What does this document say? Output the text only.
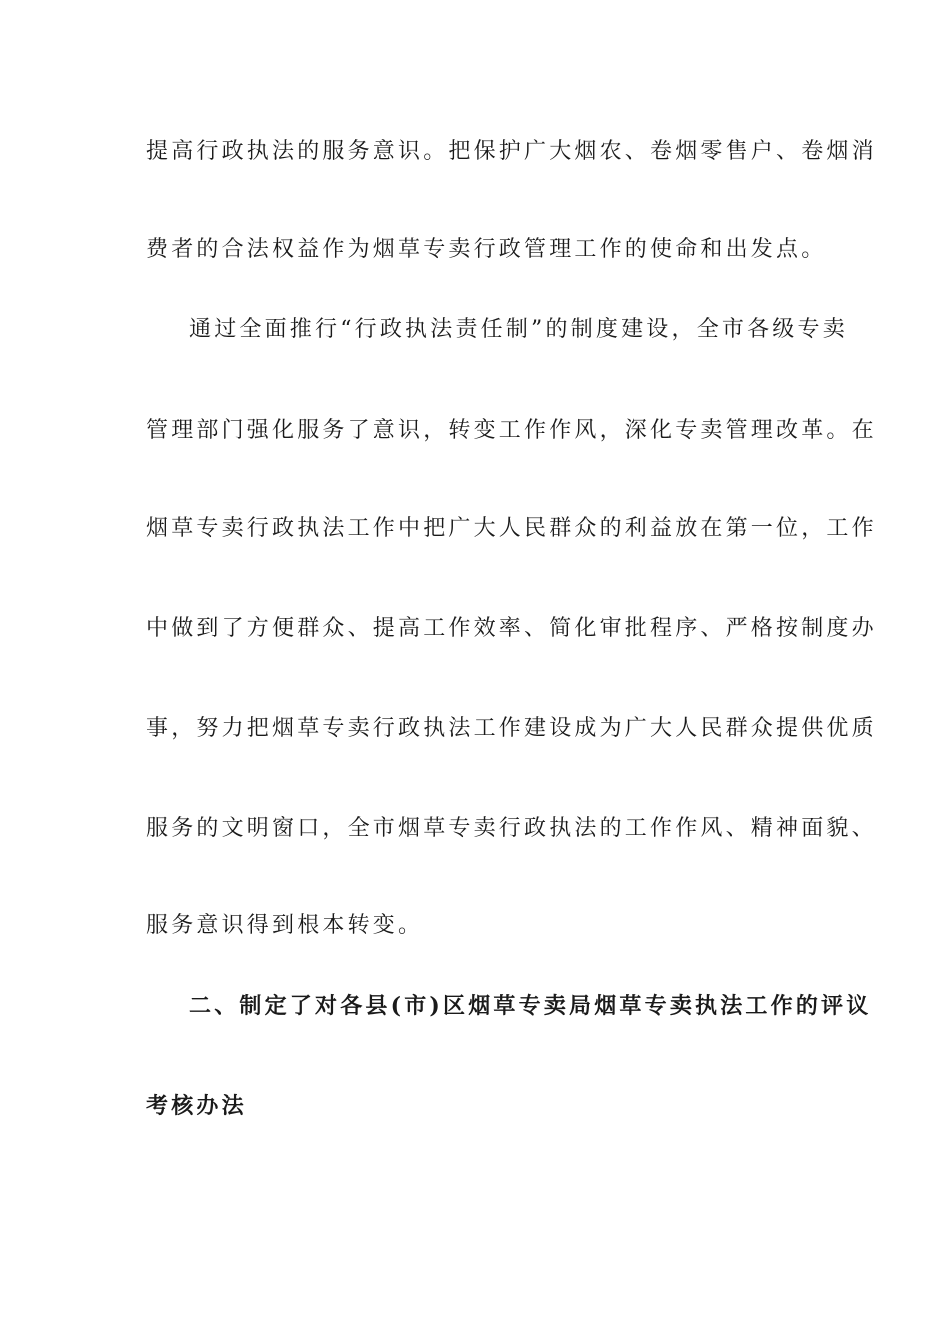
提高行政执法的服务意识。把保护广大烟农、卷烟零售户、卷烟消
费者的合法权益作为烟草专卖行政管理工作的使命和出发点。
通过全面推行“行政执法责任制”的制度建设，全市各级专卖
管理部门强化服务了意识，转变工作作风，深化专卖管理改革。在
烟草专卖行政执法工作中把广大人民群众的利益放在第一位，工作
中做到了方便群众、提高工作效率、简化审批程序、严格按制度办
事，努力把烟草专卖行政执法工作建设成为广大人民群众提供优质
服务的文明窗口，全市烟草专卖行政执法的工作作风、精神面貌、
服务意识得到根本转变。
二、制定了对各县(市)区烟草专卖局烟草专卖执法工作的评议
考核办法
